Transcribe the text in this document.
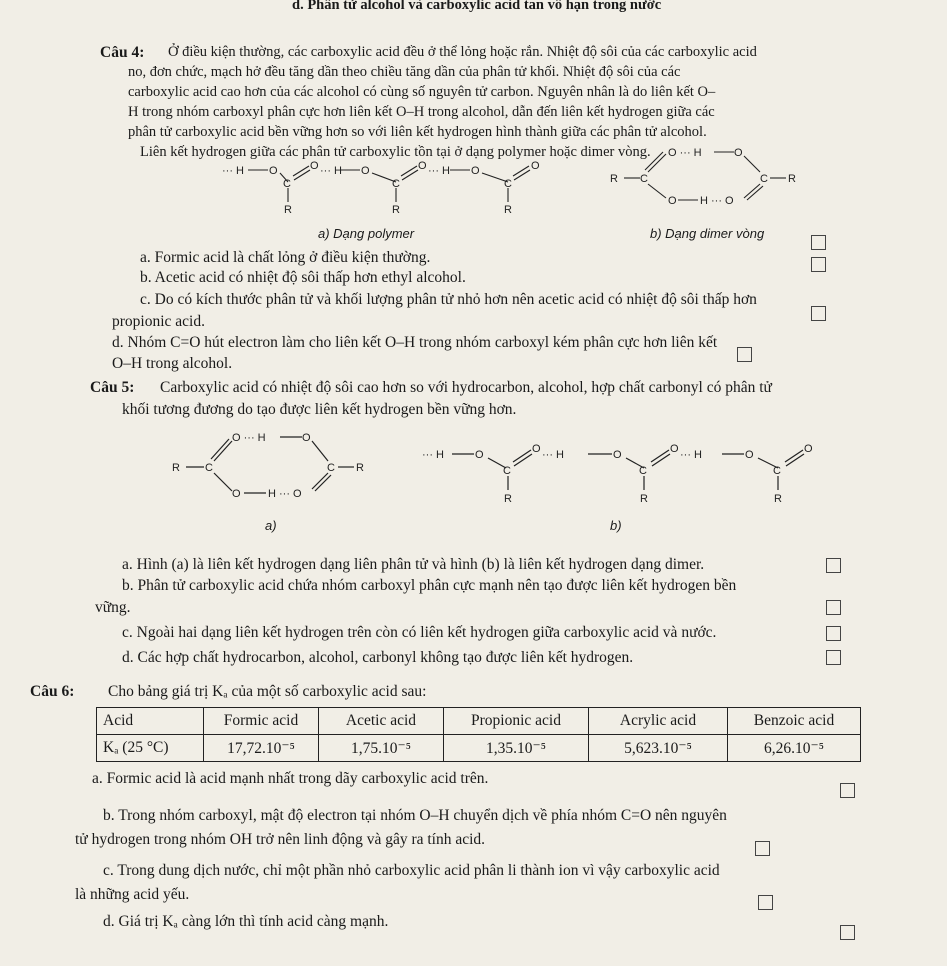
d. Phân tử alcohol và carboxylic acid tan vô hạn trong nước
Câu 4: Ở điều kiện thường, các carboxylic acid đều ở thể lỏng hoặc rắn. Nhiệt độ sôi của các carboxylic acid
no, đơn chức, mạch hở đều tăng dần theo chiều tăng dần của phân tử khối. Nhiệt độ sôi của các
carboxylic acid cao hơn của các alcohol có cùng số nguyên tử carbon. Nguyên nhân là do liên kết O–
H trong nhóm carboxyl phân cực hơn liên kết O–H trong alcohol, dẫn đến liên kết hydrogen giữa các
phân tử carboxylic acid bền vững hơn so với liên kết hydrogen hình thành giữa các phân tử alcohol.
Liên kết hydrogen giữa các phân tử carboxylic tồn tại ở dạng polymer hoặc dimer vòng.
··· H O
C
O ··· H O
C
O ··· H O
C
O
R	R	R
R C
O ··· H	O
C R
O H ··· O
a) Dạng polymer	b) Dạng dimer vòng
a. Formic acid là chất lỏng ở điều kiện thường.
b. Acetic acid có nhiệt độ sôi thấp hơn ethyl alcohol.
c. Do có kích thước phân tử và khối lượng phân tử nhỏ hơn nên acetic acid có nhiệt độ sôi thấp hơn
propionic acid.
d. Nhóm C=O hút electron làm cho liên kết O–H trong nhóm carboxyl kém phân cực hơn liên kết
O–H trong alcohol.
Câu 5: Carboxylic acid có nhiệt độ sôi cao hơn so với hydrocarbon, alcohol, hợp chất carbonyl có phân tử
khối tương đương do tạo được liên kết hydrogen bền vững hơn.
R C
O ··· H	O
C R
O H ··· O
··· H	O
C
O ··· H	O
C
O ··· H	O
C
O
R	R	R
a)	b)
a. Hình (a) là liên kết hydrogen dạng liên phân tử và hình (b) là liên kết hydrogen dạng dimer.
b. Phân tử carboxylic acid chứa nhóm carboxyl phân cực mạnh nên tạo được liên kết hydrogen bền
vững.
c. Ngoài hai dạng liên kết hydrogen trên còn có liên kết hydrogen giữa carboxylic acid và nước.
d. Các hợp chất hydrocarbon, alcohol, carbonyl không tạo được liên kết hydrogen.
Câu 6: Cho bảng giá trị Kₐ của một số carboxylic acid sau:
Acid	Formic acid	Acetic acid	Propionic acid	Acrylic acid	Benzoic acid
Kₐ (25 °C)	17,72.10⁻⁵	1,75.10⁻⁵	1,35.10⁻⁵	5,623.10⁻⁵	6,26.10⁻⁵
a. Formic acid là acid mạnh nhất trong dãy carboxylic acid trên.
b. Trong nhóm carboxyl, mật độ electron tại nhóm O–H chuyển dịch về phía nhóm C=O nên nguyên
tử hydrogen trong nhóm OH trở nên linh động và gây ra tính acid.
c. Trong dung dịch nước, chỉ một phần nhỏ carboxylic acid phân li thành ion vì vậy carboxylic acid
là những acid yếu.
d. Giá trị Kₐ càng lớn thì tính acid càng mạnh.
